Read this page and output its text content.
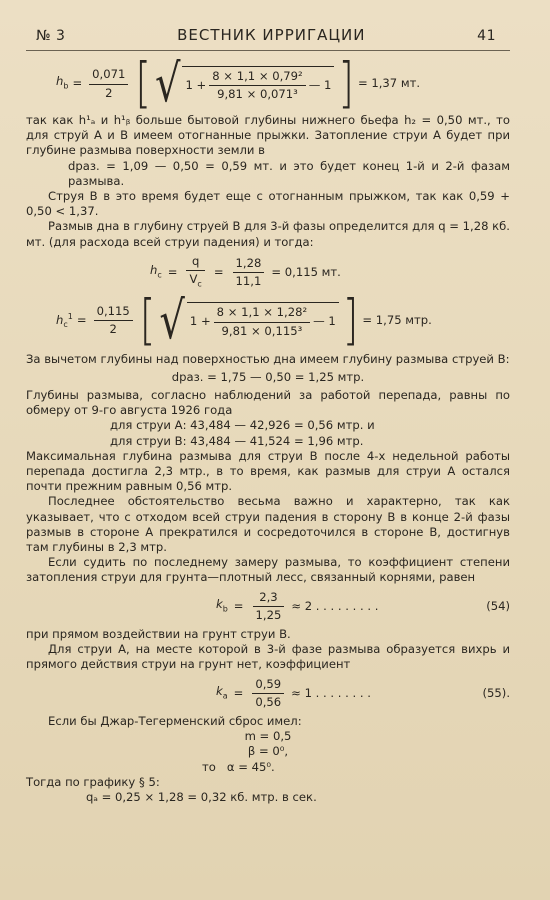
№ 3	ВЕСТНИК ИРРИГАЦИИ	41
$h_b = \frac{0,071}{2}$ [ √ $1 + \frac{\text{8 × 1,1 × 0,79²}}{\text{9,81 × 0,071³}}$ — 1 ] = 1,37 мт.

так как h¹ₐ и h¹ᵦ больше бытовой глубины нижнего бьефа h₂ = 0,50 мт., то для струй А и В имеем отогнанные прыжки. Затопление струи А будет при глубине размыва поверхности земли в

dраз. = 1,09 — 0,50 = 0,59 мт. и это будет конец 1-й и 2-й фазам размыва.

Струя В в это время будет еще с отогнанным прыжком, так как 0,59 + 0,50 < 1,37.

Размыв дна в глубину струей В для 3-й фазы определится для q = 1,28 кб. мт. (для расхода всей струи падения) и тогда:

$h_c = \frac{q}{V_c} = \frac{1,28}{11,1} = 0,115$ мт.
$h_c^1 = \frac{0,115}{2}$ [ √ $1 + \frac{\text{8 × 1,1 × 1,28²}}{\text{9,81 × 0,115³}}$ — 1 ] = 1,75 мтр.

За вычетом глубины над поверхностью дна имеем глубину размыва струей В:

dраз. = 1,75 — 0,50 = 1,25 мтр.

Глубины размыва, согласно наблюдений за работой перепада, равны по обмеру от 9-го августа 1926 года

для струи А: 43,484 — 42,926 = 0,56 мтр. и

для струи В: 43,484 — 41,524 = 1,96 мтр.

Максимальная глубина размыва для струи В после 4-х недельной работы перепада достигла 2,3 мтр., в то время, как размыв для струи А остался почти прежним равным 0,56 мтр.

Последнее обстоятельство весьма важно и характерно, так как указывает, что с отходом всей струи падения в сторону В в конце 2-й фазы размыв в стороне А прекратился и сосредоточился в стороне В, достигнув там глубины в 2,3 мтр.

Если судить по последнему замеру размыва, то коэффициент степени затопления струи для грунта—плотный лесс, связанный корнями, равен

$k_b = \frac{2,3}{1,25} \approx 2$ . . . . . . . . .	(54)

при прямом воздействии на грунт струи В.

Для струи А, на месте которой в 3-й фазе размыва образуется вихрь и прямого действия струи на грунт нет, коэффициент

$k_a = \frac{0,59}{0,56} \approx 1$ . . . . . . . .	(55).

Если бы Джар-Тегерменский сброс имел:

m = 0,5

β = 0⁰,

то α = 45⁰.

Тогда по графику § 5:

qₐ = 0,25 × 1,28 = 0,32 кб. мтр. в сек.
